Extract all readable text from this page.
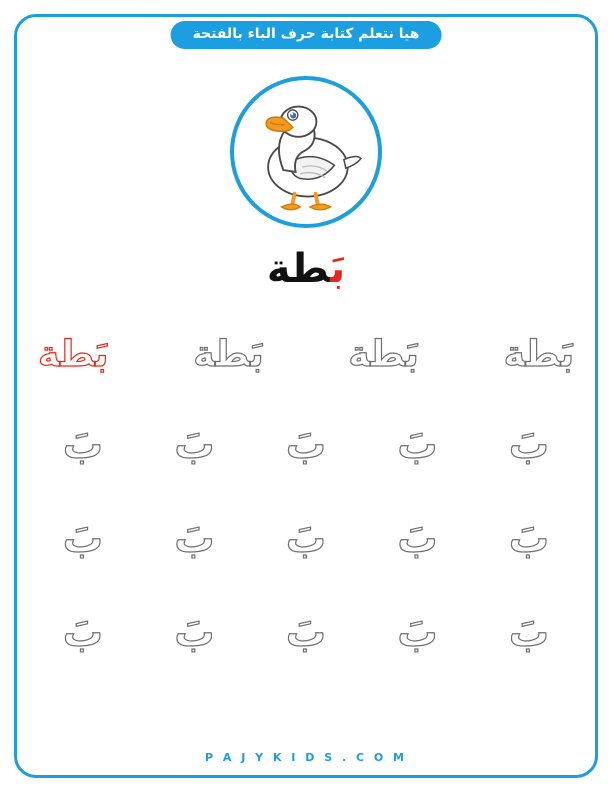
هيا نتعلم كتابة حرف الباء بالفتحة
بَطة
بَطة بَطة بَطة بَطة
بَ	بَ	بَ	بَ	بَ
بَ	بَ	بَ	بَ	بَ
بَ	بَ	بَ	بَ	بَ
P A J Y K I D S . C O M
